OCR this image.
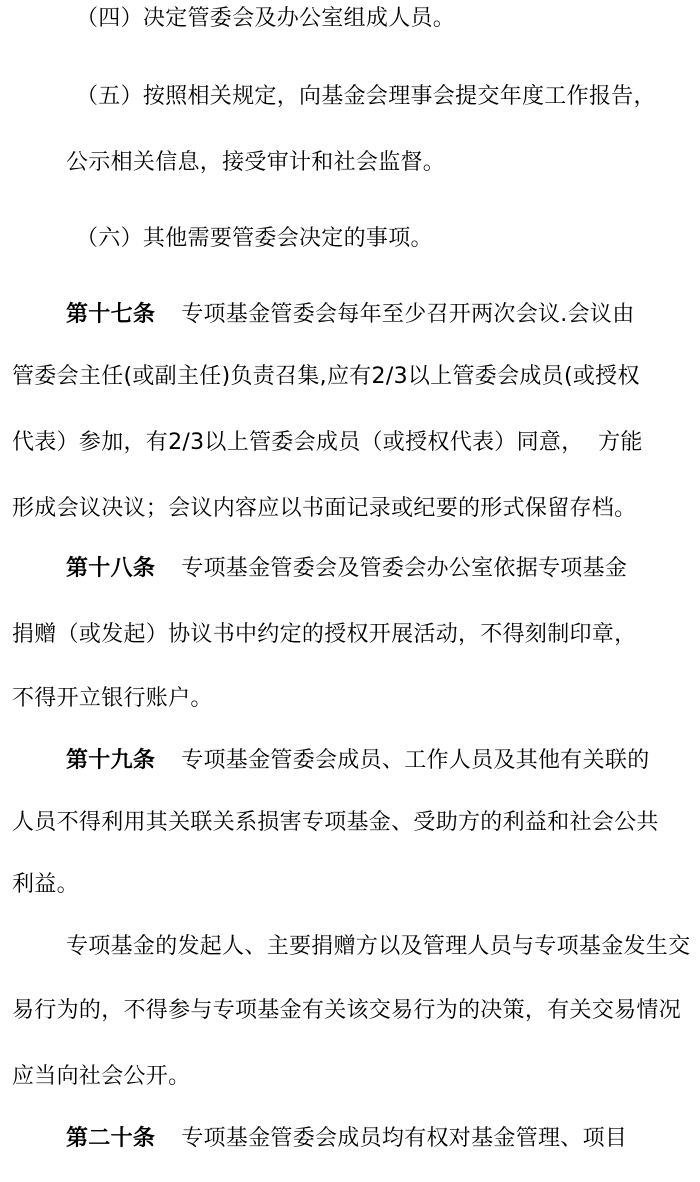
（四）决定管委会及办公室组成人员。
（五）按照相关规定，向基金会理事会提交年度工作报告，
公示相关信息，接受审计和社会监督。
（六）其他需要管委会决定的事项。
第十七条 专项基金管委会每年至少召开两次会议.会议由
管委会主任(或副主任)负责召集,应有2/3以上管委会成员(或授权
代表）参加，有2/3以上管委会成员（或授权代表）同意，  方能
形成会议决议；会议内容应以书面记录或纪要的形式保留存档。
第十八条 专项基金管委会及管委会办公室依据专项基金
捐赠（或发起）协议书中约定的授权开展活动，不得刻制印章，
不得开立银行账户。
第十九条 专项基金管委会成员、工作人员及其他有关联的
人员不得利用其关联关系损害专项基金、受助方的利益和社会公共
利益。
专项基金的发起人、主要捐赠方以及管理人员与专项基金发生交
易行为的，不得参与专项基金有关该交易行为的决策，有关交易情况
应当向社会公开。
第二十条 专项基金管委会成员均有权对基金管理、项目
